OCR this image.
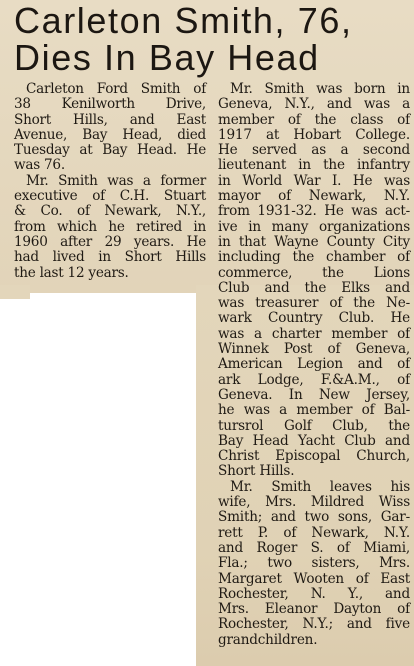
Carleton Smith, 76,
Dies In Bay Head
Carleton Ford Smith of
38 Kenilworth Drive,
Short Hills, and East
Avenue, Bay Head, died
Tuesday at Bay Head. He
was 76.
Mr. Smith was a former
executive of C.H. Stuart
& Co. of Newark, N.Y.,
from which he retired in
1960 after 29 years. He
had lived in Short Hills
the last 12 years.
Mr. Smith was born in
Geneva, N.Y., and was a
member of the class of
1917 at Hobart College.
He served as a second
lieutenant in the infantry
in World War I. He was
mayor of Newark, N.Y.
from 1931-32. He was act-
ive in many organizations
in that Wayne County City
including the chamber of
commerce, the Lions
Club and the Elks and
was treasurer of the Ne-
wark Country Club. He
was a charter member of
Winnek Post of Geneva,
American Legion and of
ark Lodge, F.&A.M., of
Geneva. In New Jersey,
he was a member of Bal-
tursrol Golf Club, the
Bay Head Yacht Club and
Christ Episcopal Church,
Short Hills.
Mr. Smith leaves his
wife, Mrs. Mildred Wiss
Smith; and two sons, Gar-
rett P. of Newark, N.Y.
and Roger S. of Miami,
Fla.; two sisters, Mrs.
Margaret Wooten of East
Rochester, N. Y., and
Mrs. Eleanor Dayton of
Rochester, N.Y.; and five
grandchildren.
